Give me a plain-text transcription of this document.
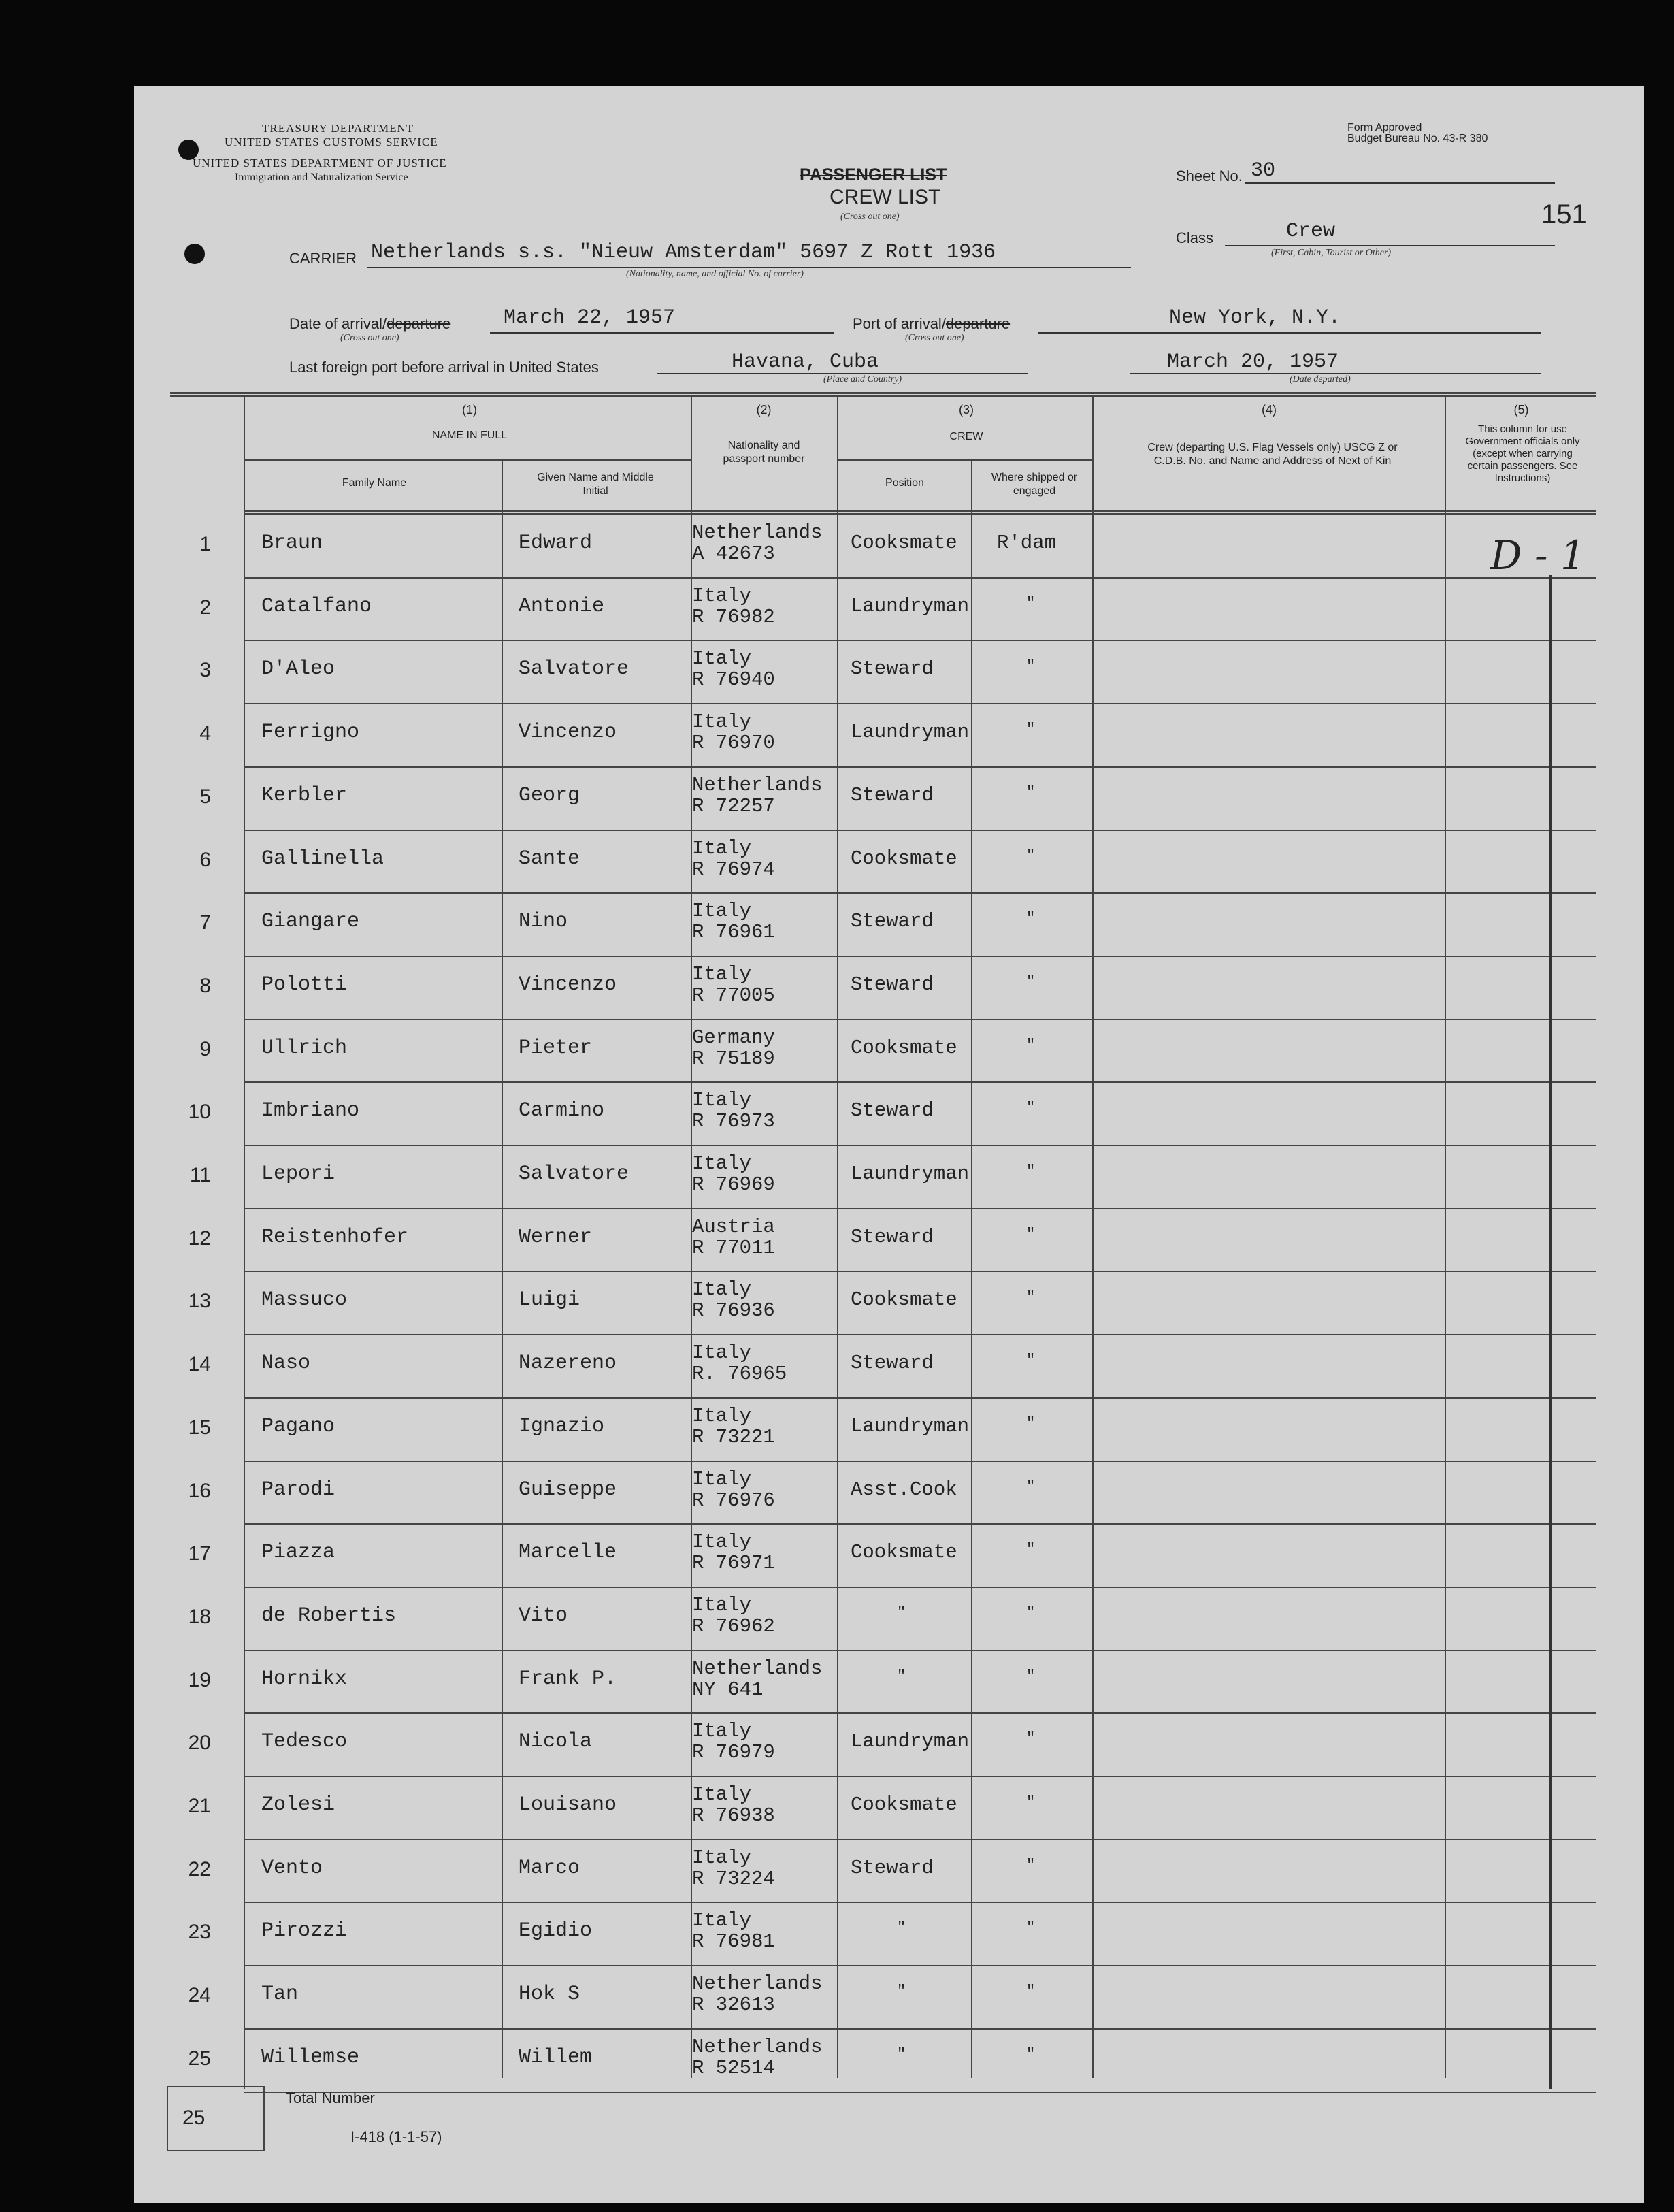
TREASURY DEPARTMENT
UNITED STATES CUSTOMS SERVICE
UNITED STATES DEPARTMENT OF JUSTICE
Immigration and Naturalization Service
Form Approved
Budget Bureau No. 43-R 380
PASSENGER LIST
CREW LIST
(Cross out one)
Sheet No. 30
151
Class	Crew
(First, Cabin, Tourist or Other)
CARRIER Netherlands s.s. "Nieuw Amsterdam" 5697 Z Rott 1936
(Nationality, name, and official No. of carrier)
Date of arrival/departure
(Cross out one)
March 22, 1957	Port of arrival/departure
(Cross out one)
New York, N.Y.
Last foreign port before arrival in United States	Havana, Cuba
(Place and Country)
March 20, 1957
(Date departed)
(1)
NAME IN FULL
Family Name	Given Name and Middle Initial
(2)
Nationality and passport number
(3)
CREW
Position	Where shipped or engaged
(4)
Crew (departing U.S. Flag Vessels only) USCG Z or C.D.B. No. and Name and Address of Next of Kin
(5)
This column for use Government officials only (except when carrying certain passengers. See Instructions)
1 Braun	Edward	Netherlands
A 42673	Cooksmate R'dam
2 Catalfano	Antonie	Italy
R 76982	Laundryman	"
3 D'Aleo	Salvatore	Italy
R 76940	Steward	"
4 Ferrigno	Vincenzo	Italy
R 76970	Laundryman	"
5 Kerbler	Georg	Netherlands
R 72257	Steward	"
6 Gallinella	Sante	Italy
R 76974	Cooksmate	"
7 Giangare	Nino	Italy
R 76961	Steward	"
8 Polotti	Vincenzo	Italy
R 77005	Steward	"
9 Ullrich	Pieter	Germany
R 75189	Cooksmate	"
10 Imbriano	Carmino	Italy
R 76973	Steward	"
11 Lepori	Salvatore	Italy
R 76969	Laundryman	"
12 Reistenhofer	Werner	Austria
R 77011	Steward	"
13 Massuco	Luigi	Italy
R 76936	Cooksmate	"
14 Naso	Nazereno	Italy
R. 76965	Steward	"
15 Pagano	Ignazio	Italy
R 73221	Laundryman	"
16 Parodi	Guiseppe	Italy
R 76976	Asst.Cook	"
17 Piazza	Marcelle	Italy
R 76971	Cooksmate	"
18 de Robertis	Vito	Italy
R 76962
"	"
19 Hornikx	Frank P.	Netherlands
NY 641
"	"
20 Tedesco	Nicola	Italy
R 76979	Laundryman	"
21 Zolesi	Louisano	Italy
R 76938	Cooksmate	"
22 Vento	Marco	Italy
R 73224	Steward	"
23 Pirozzi	Egidio	Italy
R 76981
"	"
24 Tan	Hok S	Netherlands
R 32613
"	"
25 Willemse	Willem	Netherlands
R 52514
"	"
D - 1
25
Total Number
I-418 (1-1-57)
